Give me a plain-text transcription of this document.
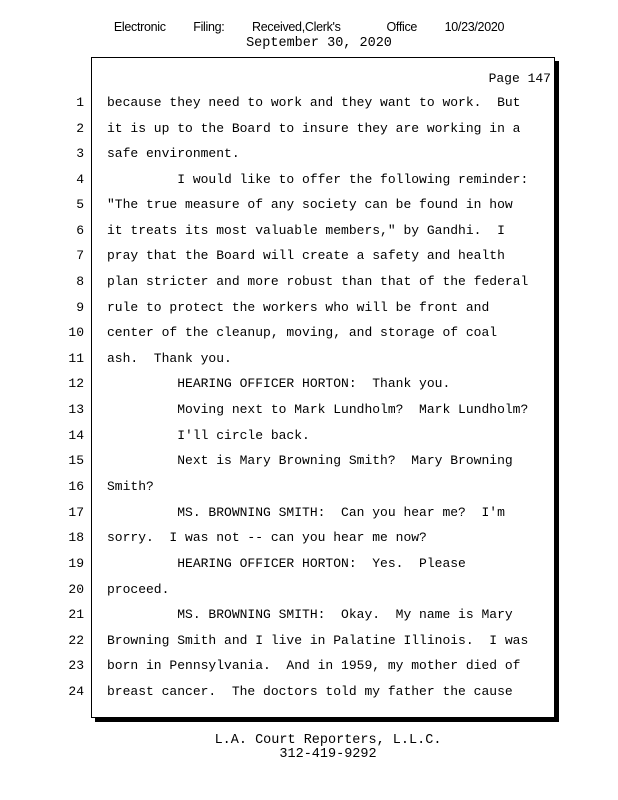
Electronic   Filing:   Received,Clerk's     Office   10/23/2020
September 30, 2020
Page 147
1 because they need to work and they want to work.  But
2 it is up to the Board to insure they are working in a
3 safe environment.
4 I would like to offer the following reminder:
5 "The true measure of any society can be found in how
6 it treats its most valuable members," by Gandhi.  I
7 pray that the Board will create a safety and health
8 plan stricter and more robust than that of the federal
9 rule to protect the workers who will be front and
10 center of the cleanup, moving, and storage of coal
11 ash.  Thank you.
12 HEARING OFFICER HORTON:  Thank you.
13 Moving next to Mark Lundholm?  Mark Lundholm?
14 I'll circle back.
15 Next is Mary Browning Smith?  Mary Browning
16 Smith?
17 MS. BROWNING SMITH:  Can you hear me?  I'm
18 sorry.  I was not -- can you hear me now?
19 HEARING OFFICER HORTON:  Yes.  Please
20 proceed.
21 MS. BROWNING SMITH:  Okay.  My name is Mary
22 Browning Smith and I live in Palatine Illinois.  I was
23 born in Pennsylvania.  And in 1959, my mother died of
24 breast cancer.  The doctors told my father the cause
L.A. Court Reporters, L.L.C.
312-419-9292
